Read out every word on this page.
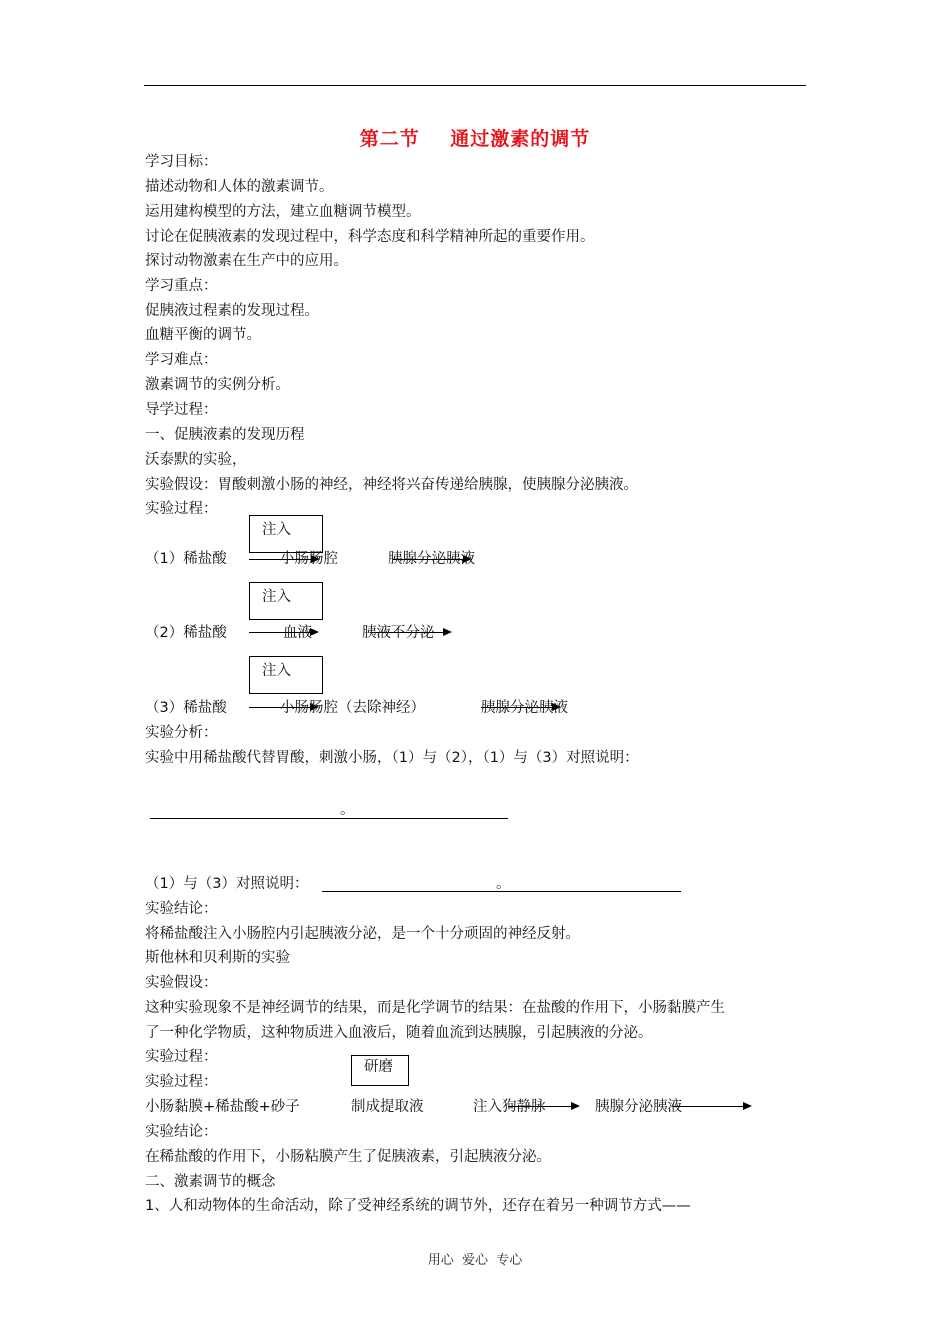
第二节    通过激素的调节
学习目标：
描述动物和人体的激素调节。
运用建构模型的方法，建立血糖调节模型。
讨论在促胰液素的发现过程中，科学态度和科学精神所起的重要作用。
探讨动物激素在生产中的应用。
学习重点：
促胰液过程素的发现过程。
血糖平衡的调节。
学习难点：
激素调节的实例分析。
导学过程：
一、促胰液素的发现历程
沃泰默的实验，
实验假设：胃酸刺激小肠的神经，神经将兴奋传递给胰腺，使胰腺分泌胰液。
实验过程：
注入
（1）稀盐酸	小肠肠腔	胰腺分泌胰液
注入
（2）稀盐酸	血液	胰液不分泌
注入
（3）稀盐酸	小肠肠腔（去除神经）	胰腺分泌胰液
实验分析：
实验中用稀盐酸代替胃酸，刺激小肠，（1）与（2），（1）与（3）对照说明：
。
（1）与（3）对照说明：	。
实验结论：
将稀盐酸注入小肠腔内引起胰液分泌，是一个十分顽固的神经反射。
斯他林和贝利斯的实验
实验假设：
这种实验现象不是神经调节的结果，而是化学调节的结果：在盐酸的作用下，小肠黏膜产生
了一种化学物质，这种物质进入血液后，随着血流到达胰腺，引起胰液的分泌。
实验过程：
实验过程：
研磨
小肠黏膜+稀盐酸+砂子	制成提取液	注入狗静脉	胰腺分泌胰液
实验结论：
在稀盐酸的作用下，小肠粘膜产生了促胰液素，引起胰液分泌。
二、激素调节的概念
1、人和动物体的生命活动，除了受神经系统的调节外，还存在着另一种调节方式——
用心  爱心  专心
